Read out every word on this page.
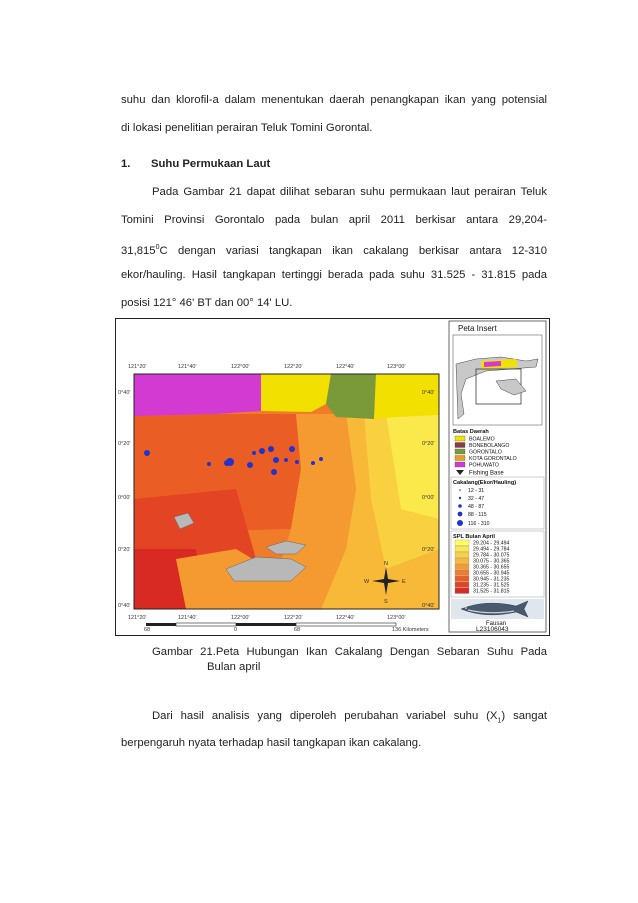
suhu dan klorofil-a dalam menentukan daerah penangkapan ikan yang potensial
di lokasi penelitian perairan Teluk Tomini Gorontal.
1. Suhu Permukaan Laut
Pada Gambar 21 dapat dilihat sebaran suhu permukaan laut perairan Teluk
Tomini Provinsi Gorontalo pada bulan april 2011 berkisar antara 29,204-
31,815$^0$C dengan variasi tangkapan ikan cakalang berkisar antara 12-310
ekor/hauling. Hasil tangkapan tertinggi berada pada suhu 31.525 - 31.815 pada
posisi 121° 46' BT dan 00° 14' LU.
N
S
E
W
121°20'	121°40'	122°00'	122°20'	122°40'	123°00'
121°20'	121°40'	122°00'	122°20'	122°40'	123°00'
0°40'
0°20'
0°00'
0°20'
0°40'
0°40'
0°20'
0°00'
0°20'
0°40'
68	0	68	136 Kilometers
Peta Insert
Batas Daerah
BOALEMO
BONEBOLANGO
GORONTALO
KOTA GORONTALO
POHUWATO
Fishing Base
Cakalang(Ekor/Hauling)
12 - 31
32 - 47
48 - 87
88 - 115
116 - 310
SPL Bulan April
29.204 - 29.494
29.494 - 29.784
29.784 - 30.075
30.075 - 30.365
30.365 - 30.655
30.655 - 30.945
30.945 - 31.235
31.235 - 31.525
31.525 - 31.815
Fausan
L23106043
Gambar 21.Peta Hubungan Ikan Cakalang Dengan Sebaran Suhu Pada
Bulan april
Dari hasil analisis yang diperoleh perubahan variabel suhu $(X_1)$ sangat
berpengaruh nyata terhadap hasil tangkapan ikan cakalang.
